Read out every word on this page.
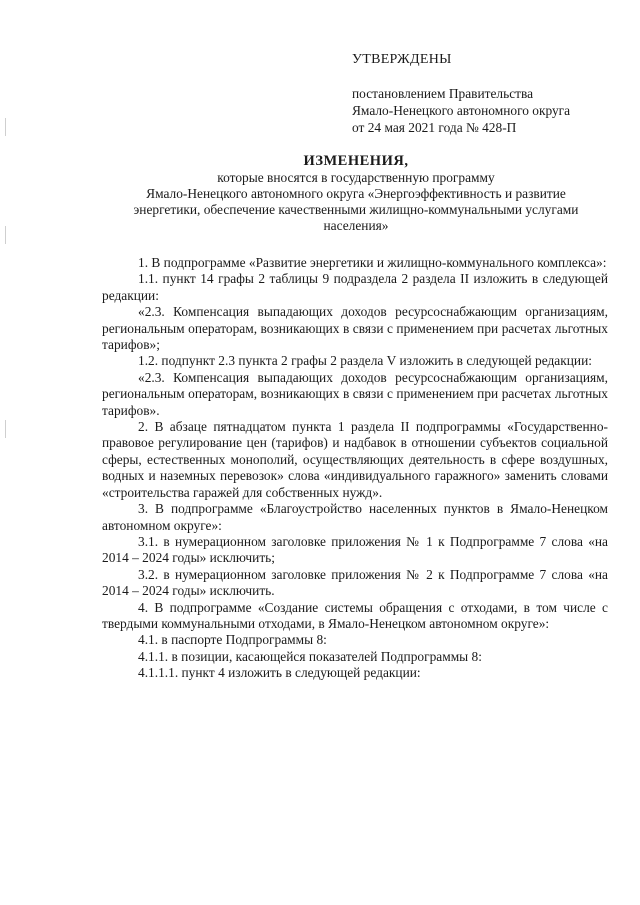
УТВЕРЖДЕНЫ
постановлением Правительства
Ямало-Ненецкого автономного округа
от 24 мая 2021 года № 428-П
ИЗМЕНЕНИЯ,
которые вносятся в государственную программу
Ямало-Ненецкого автономного округа «Энергоэффективность и развитие
энергетики, обеспечение качественными жилищно-коммунальными услугами
населения»

1. В подпрограмме «Развитие энергетики и жилищно-коммунального комплекса»:

1.1. пункт 14 графы 2 таблицы 9 подраздела 2 раздела II изложить в следующей редакции:

«2.3. Компенсация выпадающих доходов ресурсоснабжающим организациям, региональным операторам, возникающих в связи с применением при расчетах льготных тарифов»;

1.2. подпункт 2.3 пункта 2 графы 2 раздела V изложить в следующей редакции:

«2.3. Компенсация выпадающих доходов ресурсоснабжающим организациям, региональным операторам, возникающих в связи с применением при расчетах льготных тарифов».

2. В абзаце пятнадцатом пункта 1 раздела II подпрограммы «Государственно-правовое регулирование цен (тарифов) и надбавок в отношении субъектов социальной сферы, естественных монополий, осуществляющих деятельность в сфере воздушных, водных и наземных перевозок» слова «индивидуального гаражного» заменить словами «строительства гаражей для собственных нужд».

3. В подпрограмме «Благоустройство населенных пунктов в Ямало-Ненецком автономном округе»:

3.1. в нумерационном заголовке приложения № 1 к Подпрограмме 7 слова «на 2014 – 2024 годы» исключить;

3.2. в нумерационном заголовке приложения № 2 к Подпрограмме 7 слова «на 2014 – 2024 годы» исключить.

4. В подпрограмме «Создание системы обращения с отходами, в том числе с твердыми коммунальными отходами, в Ямало-Ненецком автономном округе»:

4.1. в паспорте Подпрограммы 8:

4.1.1. в позиции, касающейся показателей Подпрограммы 8:

4.1.1.1. пункт 4 изложить в следующей редакции:
